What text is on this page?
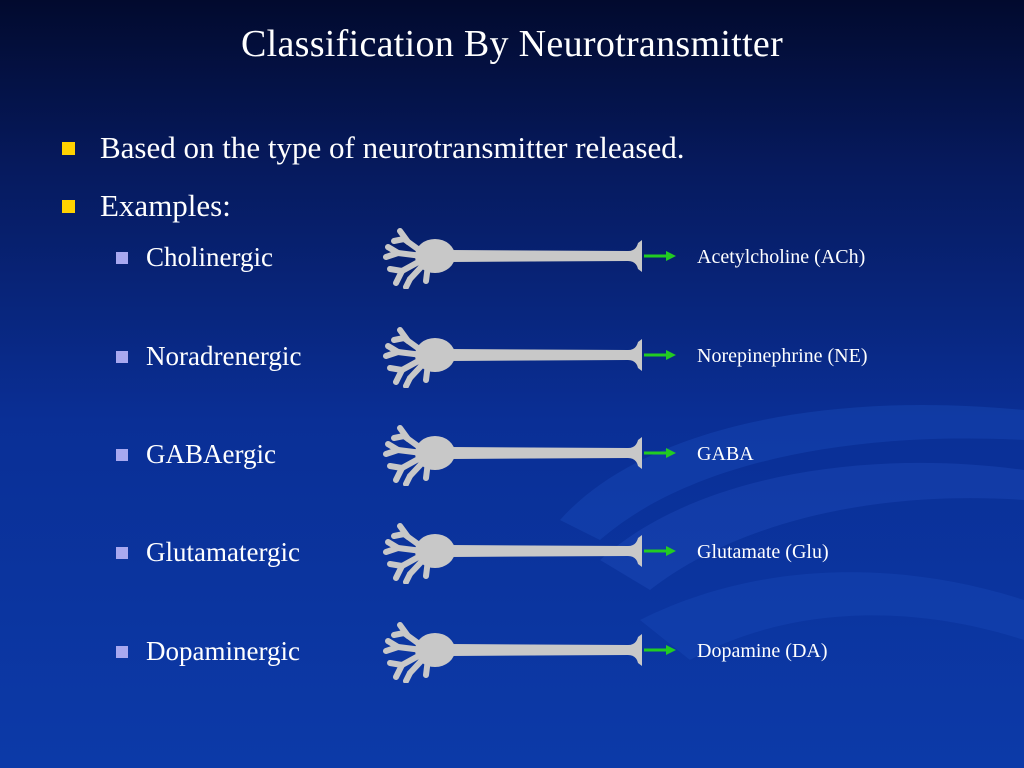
Classification By Neurotransmitter
Based on the type of neurotransmitter released.
Examples:
Cholinergic	Acetylcholine (ACh)
Noradrenergic	Norepinephrine (NE)
GABAergic	GABA
Glutamatergic	Glutamate (Glu)
Dopaminergic	Dopamine (DA)
